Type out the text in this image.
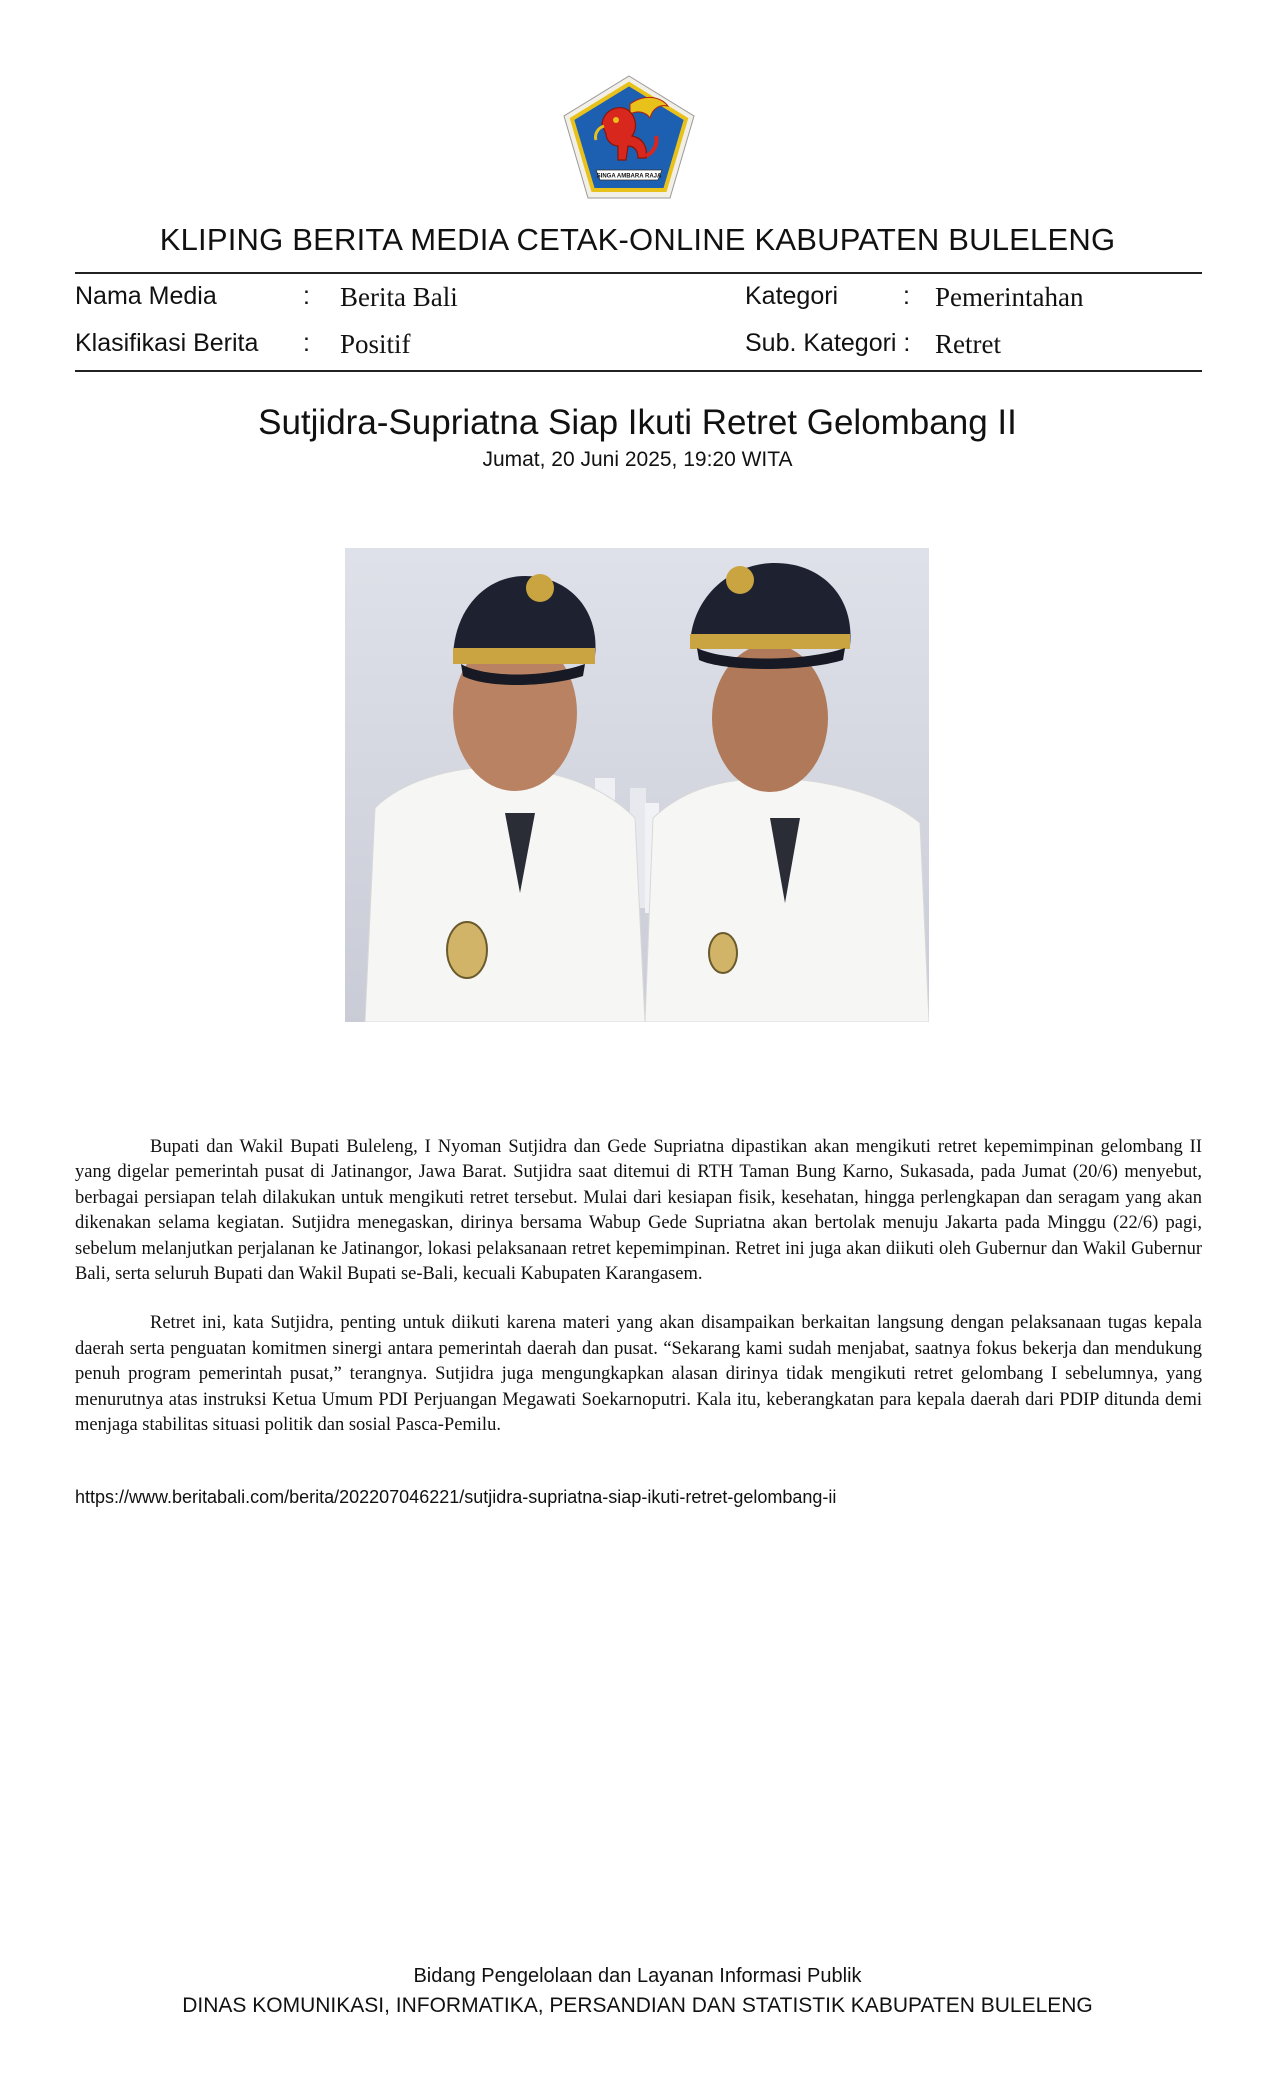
SINGA AMBARA RAJA
KLIPING BERITA MEDIA CETAK-ONLINE KABUPATEN BULELENG
Nama Media	: Berita Bali
Klasifikasi Berita : Positif
Kategori	: Pemerintahan
Sub. Kategori : Retret
Sutjidra-Supriatna Siap Ikuti Retret Gelombang II
Jumat, 20 Juni 2025, 19:20 WITA

Bupati dan Wakil Bupati Buleleng, I Nyoman Sutjidra dan Gede Supriatna dipastikan akan mengikuti retret kepemimpinan gelombang II yang digelar pemerintah pusat di Jatinangor, Jawa Barat. Sutjidra saat ditemui di RTH Taman Bung Karno, Sukasada, pada Jumat (20/6) menyebut, berbagai persiapan telah dilakukan untuk mengikuti retret tersebut. Mulai dari kesiapan fisik, kesehatan, hingga perlengkapan dan seragam yang akan dikenakan selama kegiatan. Sutjidra menegaskan, dirinya bersama Wabup Gede Supriatna akan bertolak menuju Jakarta pada Minggu (22/6) pagi, sebelum melanjutkan perjalanan ke Jatinangor, lokasi pelaksanaan retret kepemimpinan. Retret ini juga akan diikuti oleh Gubernur dan Wakil Gubernur Bali, serta seluruh Bupati dan Wakil Bupati se-Bali, kecuali Kabupaten Karangasem.

Retret ini, kata Sutjidra, penting untuk diikuti karena materi yang akan disampaikan berkaitan langsung dengan pelaksanaan tugas kepala daerah serta penguatan komitmen sinergi antara pemerintah daerah dan pusat. “Sekarang kami sudah menjabat, saatnya fokus bekerja dan mendukung penuh program pemerintah pusat,” terangnya. Sutjidra juga mengungkapkan alasan dirinya tidak mengikuti retret gelombang I sebelumnya, yang menurutnya atas instruksi Ketua Umum PDI Perjuangan Megawati Soekarnoputri. Kala itu, keberangkatan para kepala daerah dari PDIP ditunda demi menjaga stabilitas situasi politik dan sosial Pasca-Pemilu.

https://www.beritabali.com/berita/202207046221/sutjidra-supriatna-siap-ikuti-retret-gelombang-ii
Bidang Pengelolaan dan Layanan Informasi Publik
DINAS KOMUNIKASI, INFORMATIKA, PERSANDIAN DAN STATISTIK KABUPATEN BULELENG
